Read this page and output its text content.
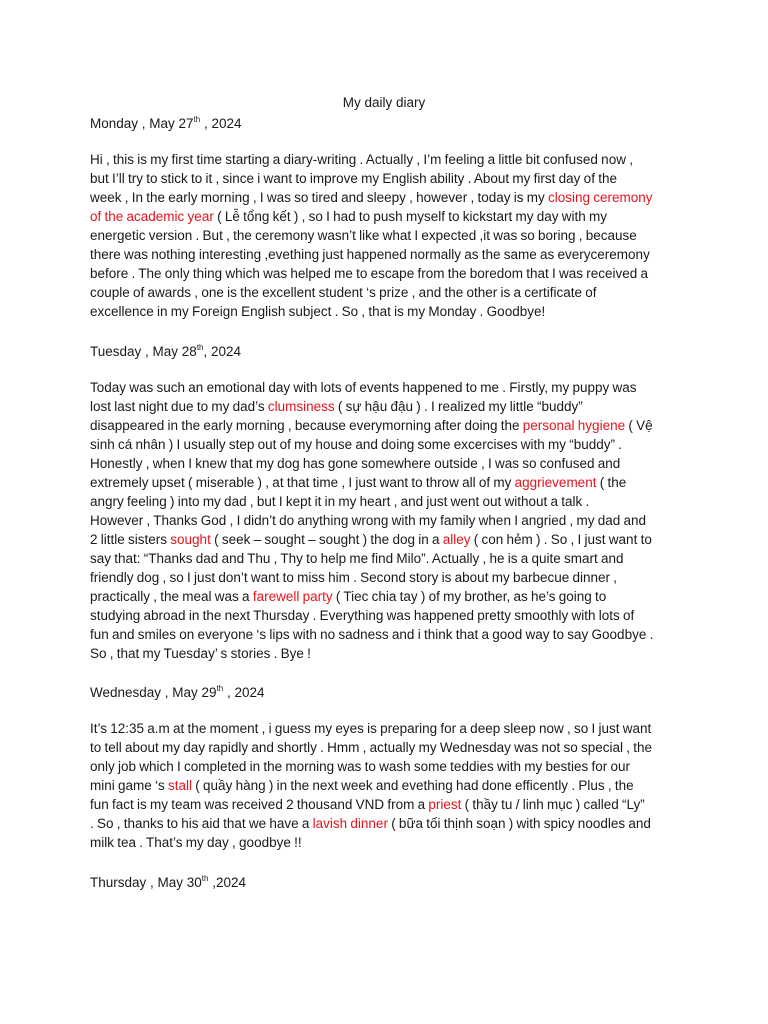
My daily diary
Monday , May 27th , 2024
Hi , this is my first time starting a diary-writing . Actually , I’m feeling a little bit confused now ,
but I’ll try to stick to it , since i want to improve my English ability . About my first day of the
week , In the early morning , I was so tired and sleepy , however , today is my closing ceremony
of the academic year ( Lễ tổng kết ) , so I had to push myself to kickstart my day with my
energetic version . But , the ceremony wasn’t like what I expected ,it was so boring , because
there was nothing interesting ,evething just happened normally as the same as everyceremony
before . The only thing which was helped me to escape from the boredom that I was received a
couple of awards , one is the excellent student ‘s prize , and the other is a certificate of
excellence in my Foreign English subject . So , that is my Monday . Goodbye!
Tuesday , May 28th, 2024
Today was such an emotional day with lots of events happened to me . Firstly, my puppy was
lost last night due to my dad’s clumsiness ( sự hậu đậu ) . I realized my little “buddy”
disappeared in the early morning , because everymorning after doing the personal hygiene ( Vệ
sinh cá nhân ) I usually step out of my house and doing some excercises with my “buddy” .
Honestly , when I knew that my dog has gone somewhere outside , I was so confused and
extremely upset ( miserable ) , at that time , I just want to throw all of my aggrievement ( the
angry feeling ) into my dad , but I kept it in my heart , and just went out without a talk .
However , Thanks God , I didn’t do anything wrong with my family when I angried , my dad and
2 little sisters sought ( seek – sought – sought ) the dog in a alley ( con hẻm ) . So , I just want to
say that: “Thanks dad and Thu , Thy to help me find Milo”. Actually , he is a quite smart and
friendly dog , so I just don’t want to miss him . Second story is about my barbecue dinner ,
practically , the meal was a farewell party ( Tiec chia tay ) of my brother, as he’s going to
studying abroad in the next Thursday . Everything was happened pretty smoothly with lots of
fun and smiles on everyone ‘s lips with no sadness and i think that a good way to say Goodbye .
So , that my Tuesday’ s stories . Bye !
Wednesday , May 29th , 2024
It’s 12:35 a.m at the moment , i guess my eyes is preparing for a deep sleep now , so I just want
to tell about my day rapidly and shortly . Hmm , actually my Wednesday was not so special , the
only job which I completed in the morning was to wash some teddies with my besties for our
mini game ‘s stall ( quầy hàng ) in the next week and evething had done efficently . Plus , the
fun fact is my team was received 2 thousand VND from a priest ( thầy tu / linh mục ) called “Ly”
. So , thanks to his aid that we have a lavish dinner ( bữa tối thịnh soạn ) with spicy noodles and
milk tea . That’s my day , goodbye !!
Thursday , May 30th ,2024
